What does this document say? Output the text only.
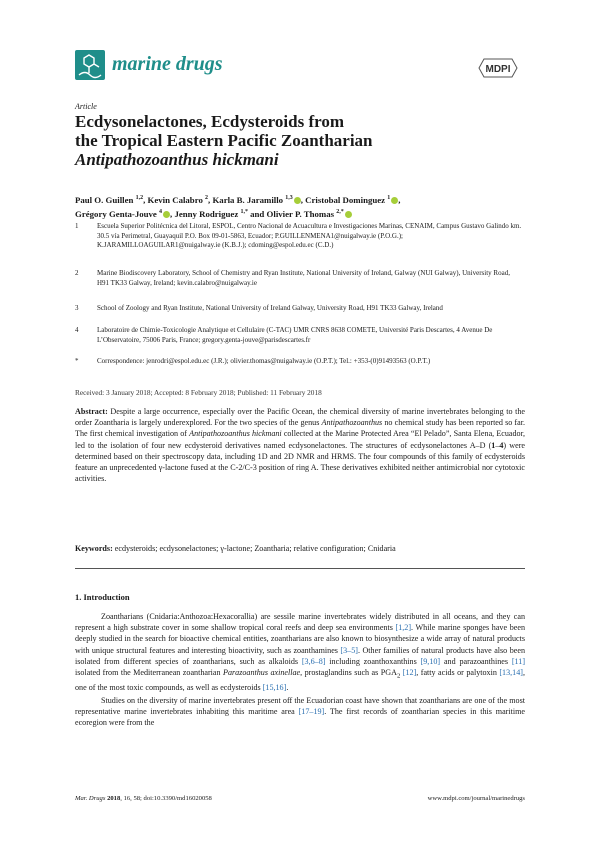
marine drugs	MDPI
Article
Ecdysonelactones, Ecdysteroids from
the Tropical Eastern Pacific Zoantharian
Antipathozoanthus hickmani
Paul O. Guillen $^{1,2}$, Kevin Calabro $^2$, Karla B. Jaramillo $^{1,3}$ , Cristobal Dominguez $^1$ ,
Grégory Genta-Jouve $^4$ , Jenny Rodriguez $^{1,*}$ and Olivier P. Thomas $^{2,*}$
1	Escuela Superior Politécnica del Litoral, ESPOL, Centro Nacional de Acuacultura e Investigaciones Marinas, CENAIM, Campus Gustavo Galindo km. 30.5 vía Perimetral, Guayaquil P.O. Box 09-01-5863, Ecuador; P.GUILLENMENA1@nuigalway.ie (P.O.G.); K.JARAMILLOAGUILAR1@nuigalway.ie (K.B.J.); cdoming@espol.edu.ec (C.D.)
2	Marine Biodiscovery Laboratory, School of Chemistry and Ryan Institute, National University of Ireland, Galway (NUI Galway), University Road, H91 TK33 Galway, Ireland; kevin.calabro@nuigalway.ie
3	School of Zoology and Ryan Institute, National University of Ireland Galway, University Road, H91 TK33 Galway, Ireland
4	Laboratoire de Chimie-Toxicologie Analytique et Cellulaire (C-TAC) UMR CNRS 8638 COMETE, Université Paris Descartes, 4 Avenue De L’Observatoire, 75006 Paris, France; gregory.genta-jouve@parisdescartes.fr
*	Correspondence: jenrodri@espol.edu.ec (J.R.); olivier.thomas@nuigalway.ie (O.P.T.); Tel.: +353-(0)91493563 (O.P.T.)
Received: 3 January 2018; Accepted: 8 February 2018; Published: 11 February 2018
Abstract: Despite a large occurrence, especially over the Pacific Ocean, the chemical diversity of marine invertebrates belonging to the order Zoantharia is largely underexplored. For the two species of the genus Antipathozoanthus no chemical study has been reported so far. The first chemical investigation of Antipathozoanthus hickmani collected at the Marine Protected Area “El Pelado”, Santa Elena, Ecuador, led to the isolation of four new ecdysteroid derivatives named ecdysonelactones. The structures of ecdysonelactones A–D (1–4) were determined based on their spectroscopy data, including 1D and 2D NMR and HRMS. The four compounds of this family of ecdysteroids feature an unprecedented γ-lactone fused at the C-2/C-3 position of ring A. These derivatives exhibited neither antimicrobial nor cytotoxic activities.
Keywords: ecdysteroids; ecdysonelactones; γ-lactone; Zoantharia; relative configuration; Cnidaria
1. Introduction

Zoantharians (Cnidaria:Anthozoa:Hexacorallia) are sessile marine invertebrates widely distributed in all oceans, and they can represent a high substrate cover in some shallow tropical coral reefs and deep sea environments [1,2]. While marine sponges have been deeply studied in the search for bioactive chemical entities, zoantharians are also known to biosynthesize a wide array of natural products with unique structural features and interesting bioactivity, such as zoanthamines [3–5]. Other families of natural products have also been isolated from different species of zoantharians, such as alkaloids [3,6–8] including zoanthoxanthins [9,10] and parazoanthines [11] isolated from the Mediterranean zoantharian Parazoanthus axinellae, prostaglandins such as $PGA_2$ [12], fatty acids or palytoxin [13,14], one of the most toxic compounds, as well as ecdysteroids [15,16].

Studies on the diversity of marine invertebrates present off the Ecuadorian coast have shown that zoantharians are one of the most representative marine invertebrates inhabiting this maritime area [17–19]. The first records of zoantharian species in this maritime ecoregion were from the

Mar. Drugs 2018, 16, 58; doi:10.3390/md16020058	www.mdpi.com/journal/marinedrugs
